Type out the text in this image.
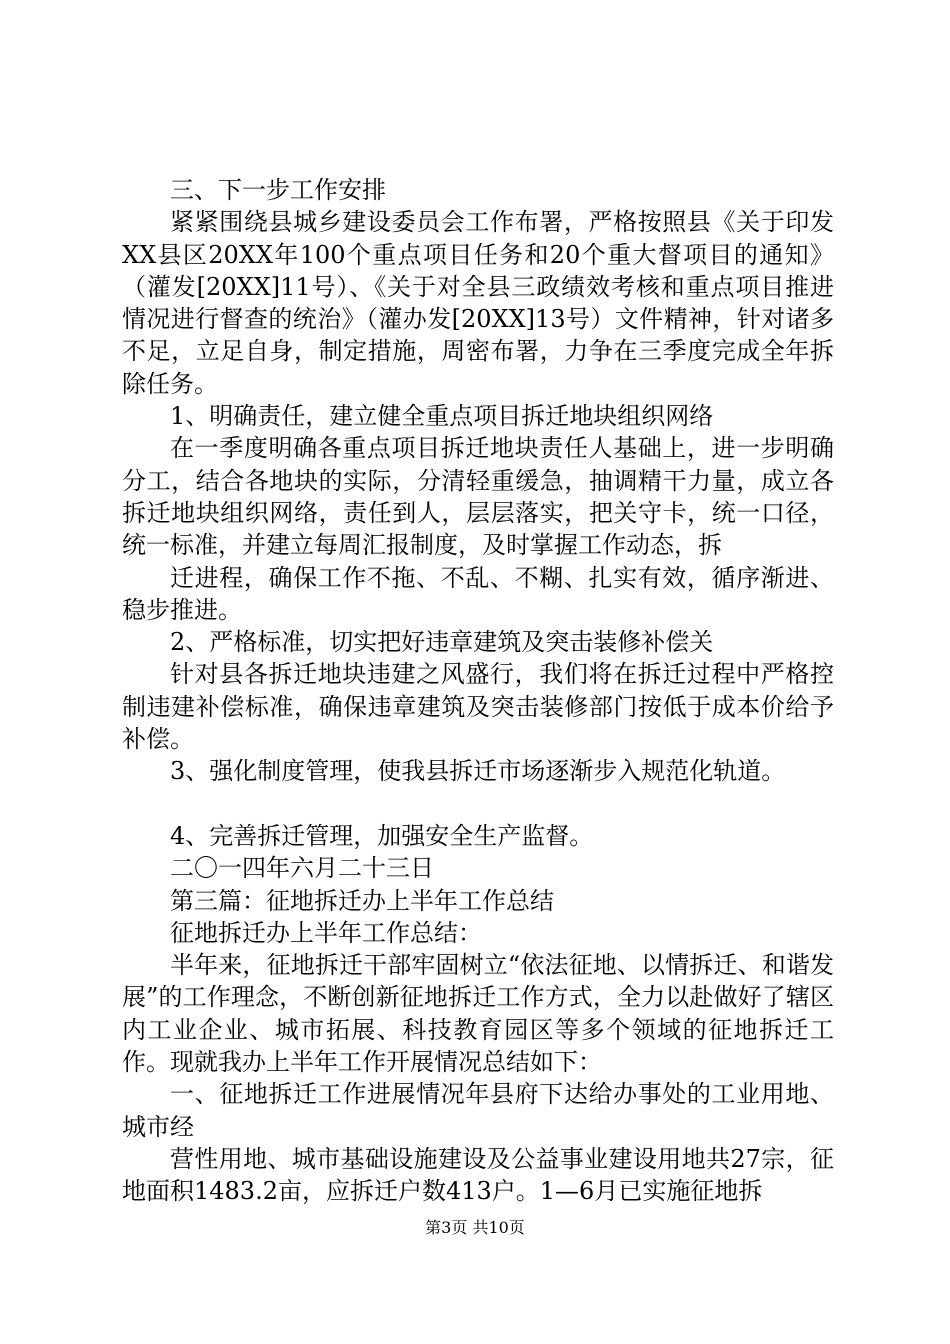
三、下一步工作安排

紧紧围绕县城乡建设委员会工作布署，严格按照县《关于印发XX县区20XX年100个重点项目任务和20个重大督项目的通知》（灌发[20XX]11号）、《关于对全县三政绩效考核和重点项目推进情况进行督查的统治》（灌办发[20XX]13号）文件精神，针对诸多不足，立足自身，制定措施，周密布署，力争在三季度完成全年拆除任务。

1、明确责任，建立健全重点项目拆迁地块组织网络

在一季度明确各重点项目拆迁地块责任人基础上，进一步明确分工，结合各地块的实际，分清轻重缓急，抽调精干力量，成立各拆迁地块组织网络，责任到人，层层落实，把关守卡，统一口径，统一标准，并建立每周汇报制度，及时掌握工作动态，拆

迁进程，确保工作不拖、不乱、不糊、扎实有效，循序渐进、稳步推进。

2、严格标准，切实把好违章建筑及突击装修补偿关

针对县各拆迁地块违建之风盛行，我们将在拆迁过程中严格控制违建补偿标准，确保违章建筑及突击装修部门按低于成本价给予补偿。

3、强化制度管理，使我县拆迁市场逐渐步入规范化轨道。

4、完善拆迁管理，加强安全生产监督。

二〇一四年六月二十三日

第三篇：征地拆迁办上半年工作总结

征地拆迁办上半年工作总结：

半年来，征地拆迁干部牢固树立“依法征地、以情拆迁、和谐发展”的工作理念，不断创新征地拆迁工作方式，全力以赴做好了辖区内工业企业、城市拓展、科技教育园区等多个领域的征地拆迁工作。现就我办上半年工作开展情况总结如下：

一、征地拆迁工作进展情况年县府下达给办事处的工业用地、城市经

营性用地、城市基础设施建设及公益事业建设用地共27宗，征地面积1483.2亩，应拆迁户数413户。1—6月已实施征地拆

第3页 共10页
